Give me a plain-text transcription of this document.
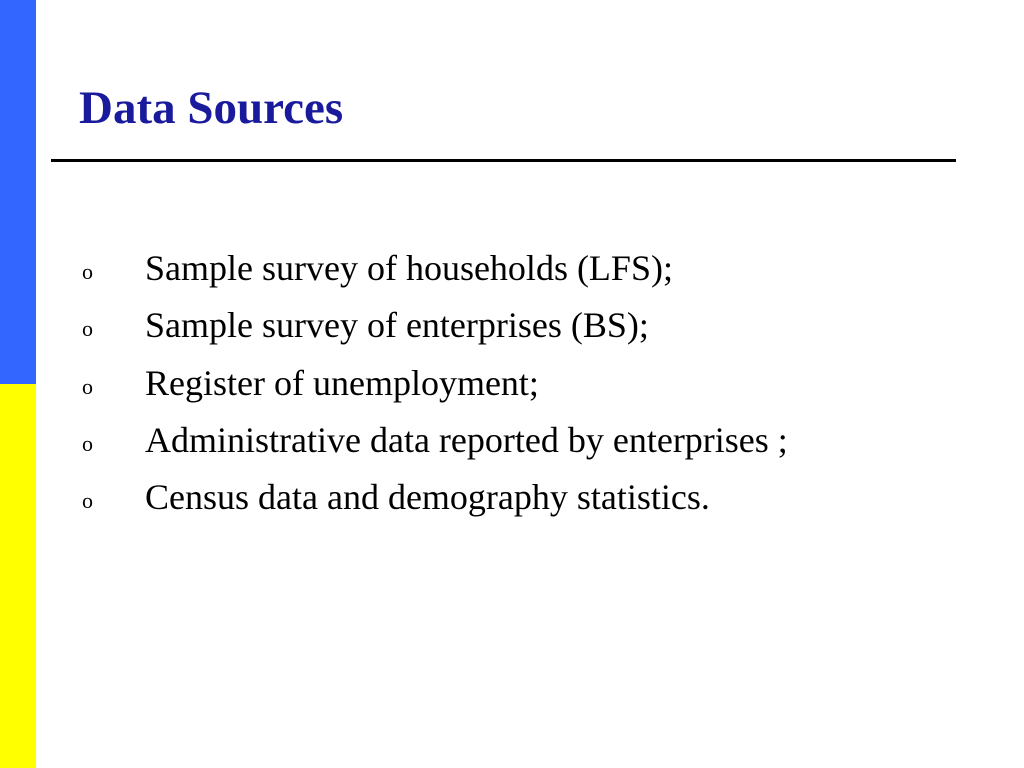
Data Sources
o Sample survey of households (LFS);
o Sample survey of enterprises (BS);
o Register of unemployment;
o Administrative data reported by enterprises ;
o Census data and demography statistics.
